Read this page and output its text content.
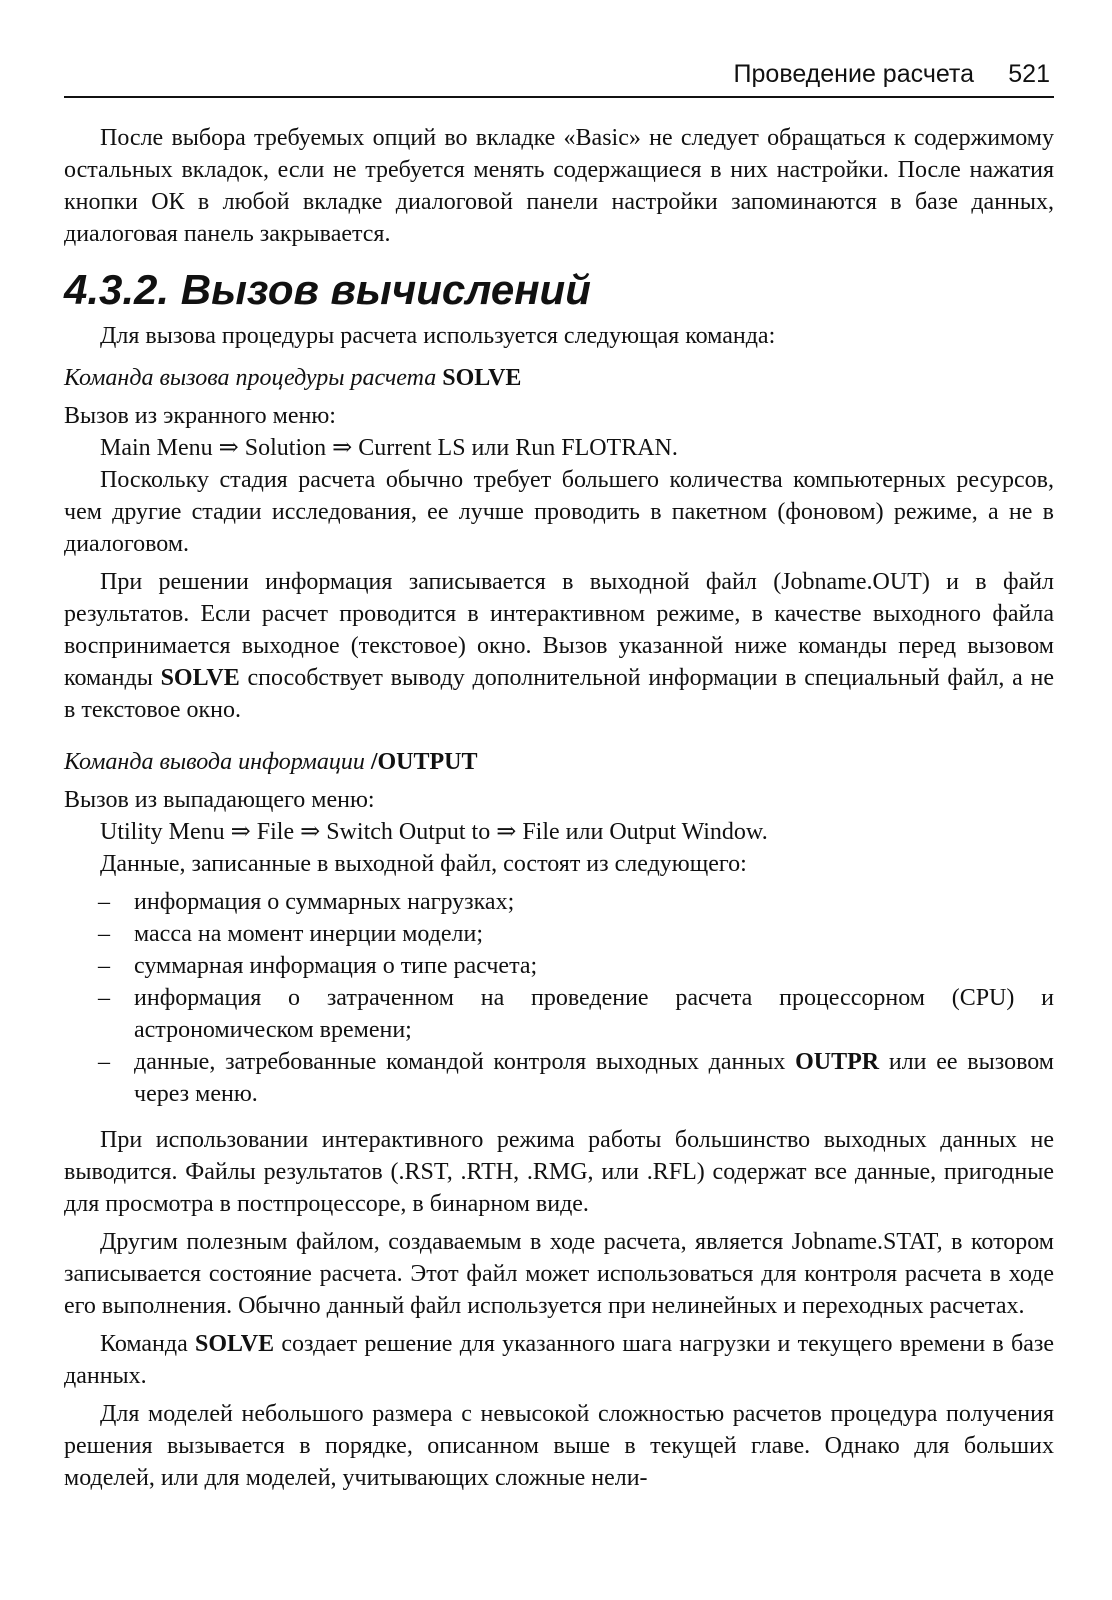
Проведение расчета 521

После выбора требуемых опций во вкладке «Basic» не следует обращаться к содержимому остальных вкладок, если не требуется менять содержащиеся в них настройки. После нажатия кнопки ОК в любой вкладке диалоговой панели настройки запоминаются в базе данных, диалоговая панель закрывается.

4.3.2. Вызов вычислений

Для вызова процедуры расчета используется следующая команда:

Команда вызова процедуры расчета SOLVE

Вызов из экранного меню:

Main Menu ⇒ Solution ⇒ Current LS или Run FLOTRAN.

Поскольку стадия расчета обычно требует большего количества компьютерных ресурсов, чем другие стадии исследования, ее лучше проводить в пакетном (фоновом) режиме, а не в диалоговом.

При решении информация записывается в выходной файл (Jobname.OUT) и в файл результатов. Если расчет проводится в интерактивном режиме, в качестве выходного файла воспринимается выходное (текстовое) окно. Вызов указанной ниже команды перед вызовом команды SOLVE способствует выводу дополнительной информации в специальный файл, а не в текстовое окно.

Команда вывода информации /OUTPUT

Вызов из выпадающего меню:

Utility Menu ⇒ File ⇒ Switch Output to ⇒ File или Output Window.

Данные, записанные в выходной файл, состоят из следующего:

– информация о суммарных нагрузках;
– масса на момент инерции модели;
– суммарная информация о типе расчета;
– информация о затраченном на проведение расчета процессорном (CPU) и астрономическом времени;
– данные, затребованные командой контроля выходных данных OUTPR или ее вызовом через меню.

При использовании интерактивного режима работы большинство выходных данных не выводится. Файлы результатов (.RST, .RTH, .RMG, или .RFL) содержат все данные, пригодные для просмотра в постпроцессоре, в бинарном виде.

Другим полезным файлом, создаваемым в ходе расчета, является Jobname.STAT, в котором записывается состояние расчета. Этот файл может использоваться для контроля расчета в ходе его выполнения. Обычно данный файл используется при нелинейных и переходных расчетах.

Команда SOLVE создает решение для указанного шага нагрузки и текущего времени в базе данных.

Для моделей небольшого размера с невысокой сложностью расчетов процедура получения решения вызывается в порядке, описанном выше в текущей главе. Однако для больших моделей, или для моделей, учитывающих сложные нели-
